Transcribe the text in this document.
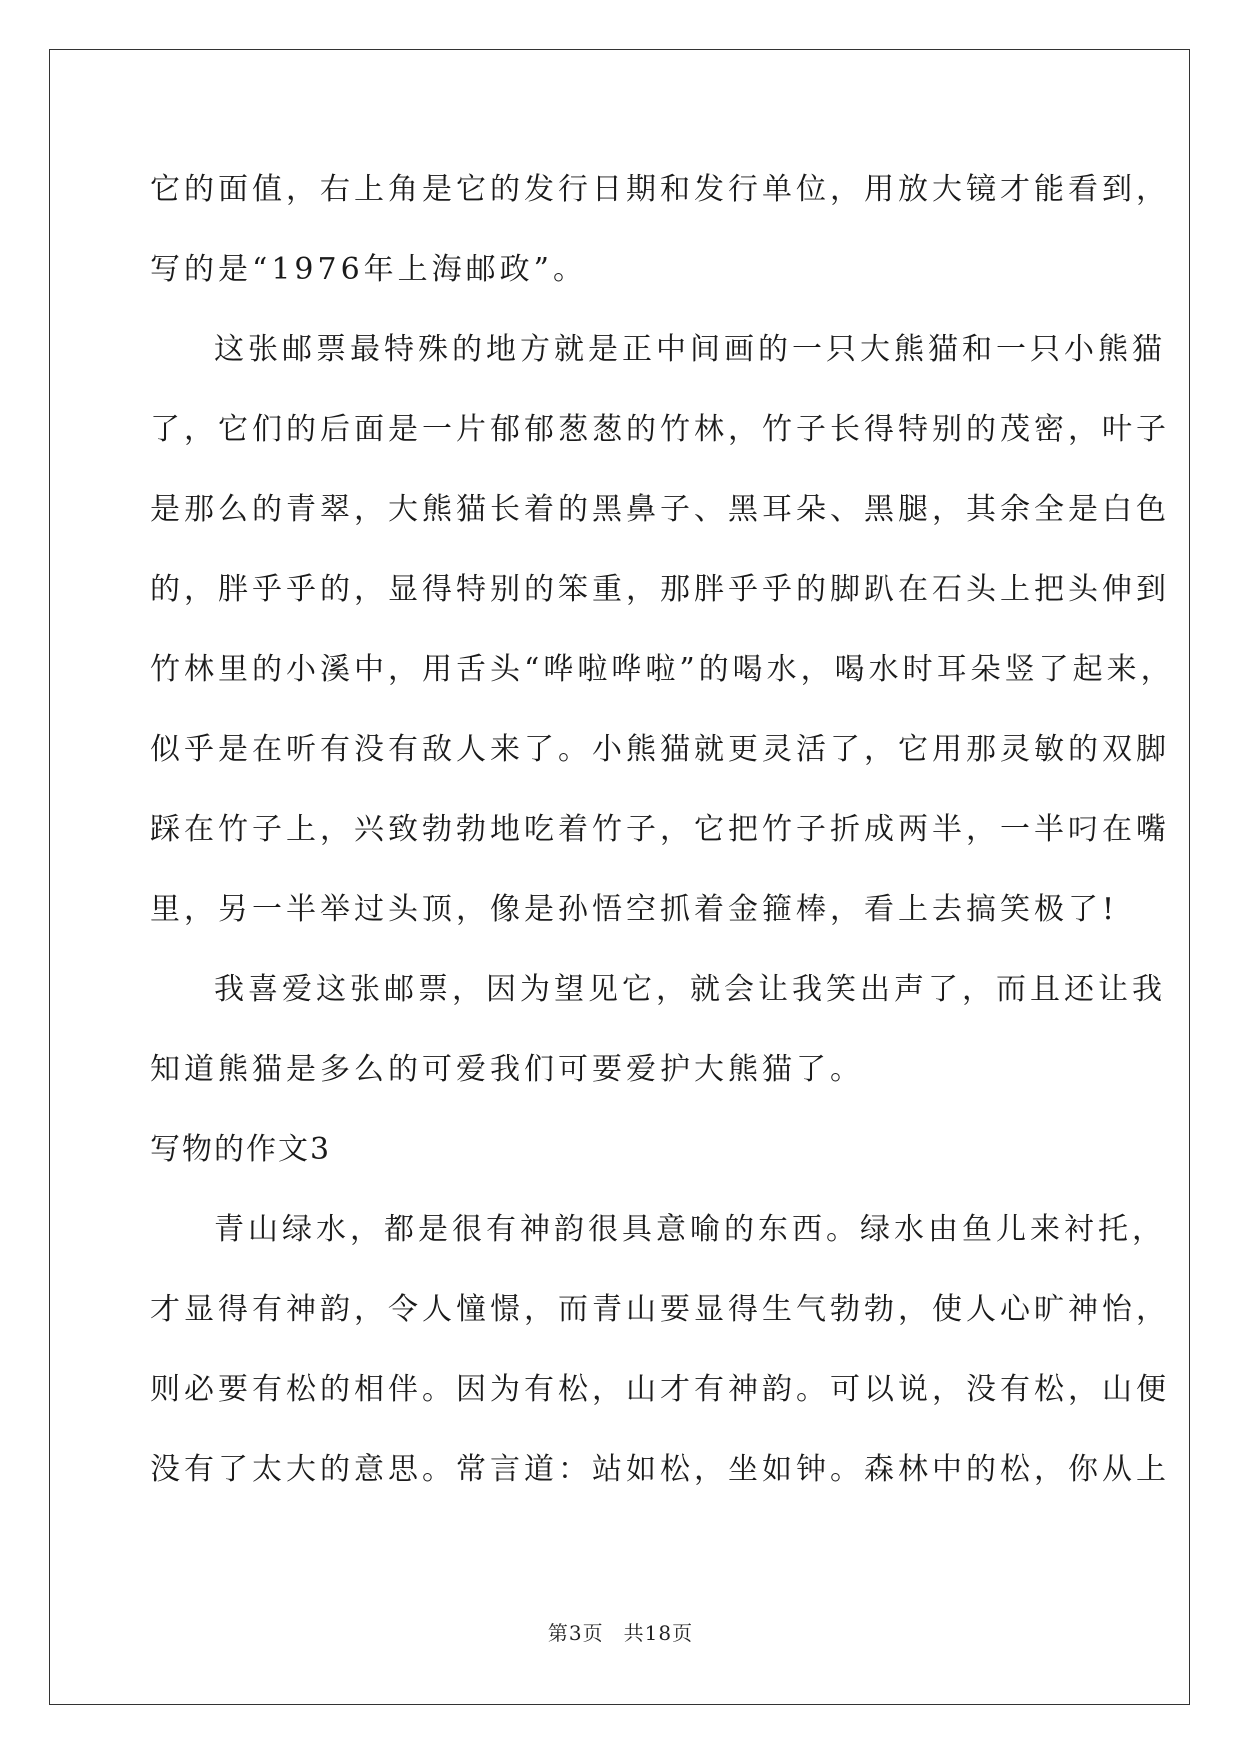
它的面值，右上角是它的发行日期和发行单位，用放大镜才能看到，
写的是“1976年上海邮政”。
这张邮票最特殊的地方就是正中间画的一只大熊猫和一只小熊猫
了，它们的后面是一片郁郁葱葱的竹林，竹子长得特别的茂密，叶子
是那么的青翠，大熊猫长着的黑鼻子、黑耳朵、黑腿，其余全是白色
的，胖乎乎的，显得特别的笨重，那胖乎乎的脚趴在石头上把头伸到
竹林里的小溪中，用舌头“哗啦哗啦”的喝水，喝水时耳朵竖了起来，
似乎是在听有没有敌人来了。小熊猫就更灵活了，它用那灵敏的双脚
踩在竹子上，兴致勃勃地吃着竹子，它把竹子折成两半，一半叼在嘴
里，另一半举过头顶，像是孙悟空抓着金箍棒，看上去搞笑极了!
我喜爱这张邮票，因为望见它，就会让我笑出声了，而且还让我
知道熊猫是多么的可爱我们可要爱护大熊猫了。
写物的作文3
青山绿水，都是很有神韵很具意喻的东西。绿水由鱼儿来衬托，
才显得有神韵，令人憧憬，而青山要显得生气勃勃，使人心旷神怡，
则必要有松的相伴。因为有松，山才有神韵。可以说，没有松，山便
没有了太大的意思。常言道：站如松，坐如钟。森林中的松，你从上
第3页 共18页
